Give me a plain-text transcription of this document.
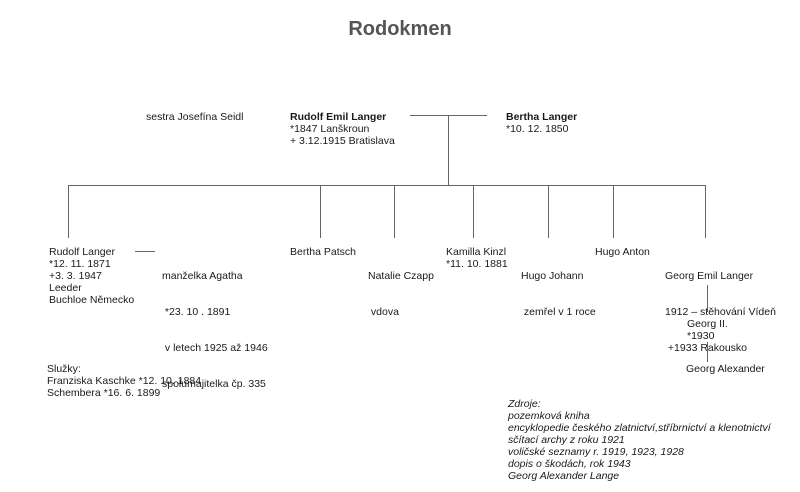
Rodokmen
sestra Josefína Seidl	Rudolf Emil Langer
*1847 Lanškroun
+ 3.12.1915 Bratislava
Bertha Langer
*10. 12. 1850
Rudolf Langer
*12. 11. 1871
+3. 3. 1947
Leeder
Buchloe Německo

manželka Agatha

*23. 10 . 1891

v letech 1925 až 1946

spolumajitelka čp. 335

Bertha Patsch

Natalie Czapp

vdova

Kamilla Kinzl
*11. 10. 1881

Hugo Johann

zemřel v 1 roce

Hugo Anton

Georg Emil Langer

1912 – stěhování Vídeň

+1933 Rakousko

Georg II.
*1930
Georg Alexander
Služky:
Franziska Kaschke *12. 10. 1884
Schembera *16. 6. 1899
Zdroje:
pozemková kniha
encyklopedie českého zlatnictví,stříbrnictví a klenotnictví
sčítací archy z roku 1921
voličské seznamy r. 1919, 1923, 1928
dopis o škodách, rok 1943
Georg Alexander Lange
